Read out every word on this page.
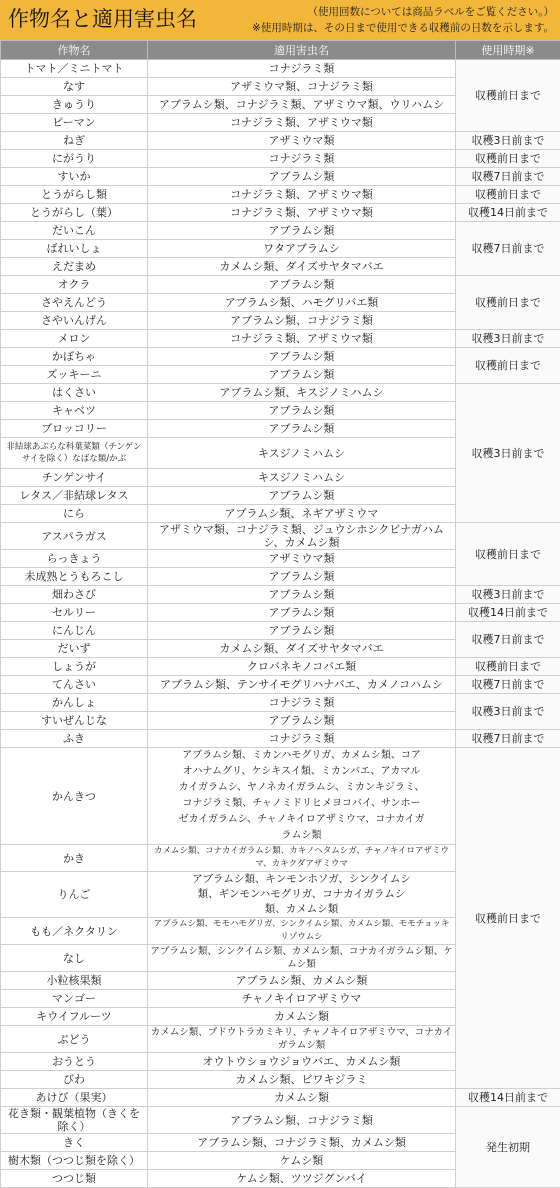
作物名と適用害虫名	（使用回数については商品ラベルをご覧ください。）
※使用時期は、その日まで使用できる収穫前の日数を示します。
作物名	適用害虫名	使用時期※
トマト／ミニトマト	コナジラミ類	収穫前日まで
なす	アザミウマ類、コナジラミ類	
きゅうり	アブラムシ類、コナジラミ類、アザミウマ類、ウリハムシ	
ピーマン	コナジラミ類、アザミウマ類	
ねぎ	アザミウマ類	収穫3日前まで
にがうり	コナジラミ類	収穫前日まで
すいか	アブラムシ類	収穫7日前まで
とうがらし類	コナジラミ類、アザミウマ類	収穫前日まで
とうがらし（葉）	コナジラミ類、アザミウマ類	収穫14日前まで
だいこん	アブラムシ類	収穫7日前まで
ばれいしょ	ワタアブラムシ	
えだまめ	カメムシ類、ダイズサヤタマバエ	
オクラ	アブラムシ類	収穫前日まで
さやえんどう	アブラムシ類、ハモグリバエ類	
さやいんげん	アブラムシ類、コナジラミ類	
メロン	コナジラミ類、アザミウマ類	収穫3日前まで
かぼちゃ	アブラムシ類	収穫前日まで
ズッキーニ	アブラムシ類	
はくさい	アブラムシ類、キスジノミハムシ	収穫3日前まで
キャベツ	アブラムシ類	
ブロッコリー	アブラムシ類	
非結球あぶらな科葉菜類（チンゲンサイを除く）なばな類/かぶ	キスジノミハムシ	
チンゲンサイ	キスジノミハムシ	
レタス／非結球レタス	アブラムシ類	
にら	アブラムシ類、ネギアザミウマ	
アスパラガス	アザミウマ類、コナジラミ類、ジュウシホシクビナガハムシ、カメムシ類	収穫前日まで
らっきょう	アザミウマ類	
未成熟とうもろこし	アブラムシ類	
畑わさび	アブラムシ類	収穫3日前まで
セルリー	アブラムシ類	収穫14日前まで
にんじん	アブラムシ類	収穫7日前まで
だいず	カメムシ類、ダイズサヤタマバエ	
しょうが	クロバネキノコバエ類	収穫前日まで
てんさい	アブラムシ類、テンサイモグリハナバエ、カメノコハムシ	収穫7日前まで
かんしょ	コナジラミ類	収穫3日前まで
すいぜんじな	アブラムシ類	
ふき	コナジラミ類	収穫7日前まで
かんきつ	アブラムシ類、ミカンハモグリガ、カメムシ類、コアオハナムグリ、ケシキスイ類、ミカンバエ、アカマルカイガラムシ、ヤノネカイガラムシ、ミカンキジラミ、コナジラミ類、チャノミドリヒメヨコバイ、サンホーゼカイガラムシ、チャノキイロアザミウマ、コナカイガラムシ類	収穫前日まで
かき	カメムシ類、コナカイガラムシ類、カキノヘタムシガ、チャノキイロアザミウマ、カキクダアザミウマ	
りんご	アブラムシ類、キンモンホソガ、シンクイムシ類、ギンモンハモグリガ、コナカイガラムシ類、カメムシ類	
もも／ネクタリン	アブラムシ類、モモハモグリガ、シンクイムシ類、カメムシ類、モモチョッキリゾウムシ	
なし	アブラムシ類、シンクイムシ類、カメムシ類、コナカイガラムシ類、ケムシ類	
小粒核果類	アブラムシ類、カメムシ類	
マンゴー	チャノキイロアザミウマ	
キウイフルーツ	カメムシ類	
ぶどう	カメムシ類、ブドウトラカミキリ、チャノキイロアザミウマ、コナカイガラムシ類	
おうとう	オウトウショウジョウバエ、カメムシ類	
びわ	カメムシ類、ビワキジラミ	
あけび（果実）	カメムシ類	収穫14日前まで
花き類・観葉植物（きくを除く）	アブラムシ類、コナジラミ類	発生初期
きく	アブラムシ類、コナジラミ類、カメムシ類	
樹木類（つつじ類を除く）	ケムシ類	
つつじ類	ケムシ類、ツツジグンバイ	
